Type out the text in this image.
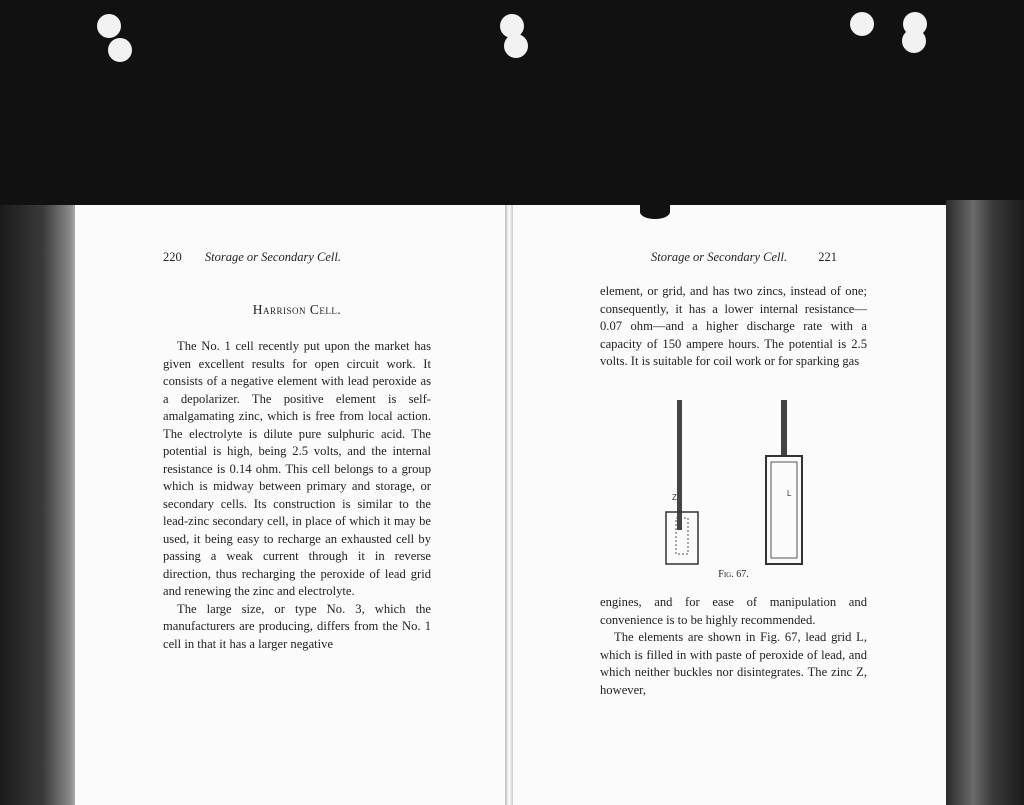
220 Storage or Secondary Cell.
Harrison Cell.

The No. 1 cell recently put upon the market has given excellent results for open circuit work. It consists of a negative element with lead peroxide as a depolarizer. The positive element is self-amalgamating zinc, which is free from local action. The electrolyte is dilute pure sulphuric acid. The potential is high, being 2.5 volts, and the internal resistance is 0.14 ohm. This cell belongs to a group which is midway between primary and storage, or secondary cells. Its construction is similar to the lead-zinc secondary cell, in place of which it may be used, it being easy to recharge an exhausted cell by passing a weak current through it in reverse direction, thus recharging the peroxide of lead grid and renewing the zinc and electrolyte.

The large size, or type No. 3, which the manufacturers are producing, differs from the No. 1 cell in that it has a larger negative

Storage or Secondary Cell. 221

element, or grid, and has two zincs, instead of one; consequently, it has a lower internal resistance—0.07 ohm—and a higher discharge rate with a capacity of 150 ampere hours. The potential is 2.5 volts. It is suitable for coil work or for sparking gas

Z	L
Fig. 67.

engines, and for ease of manipulation and convenience is to be highly recommended.

The elements are shown in Fig. 67, lead grid L, which is filled in with paste of peroxide of lead, and which neither buckles nor disintegrates. The zinc Z, however,
